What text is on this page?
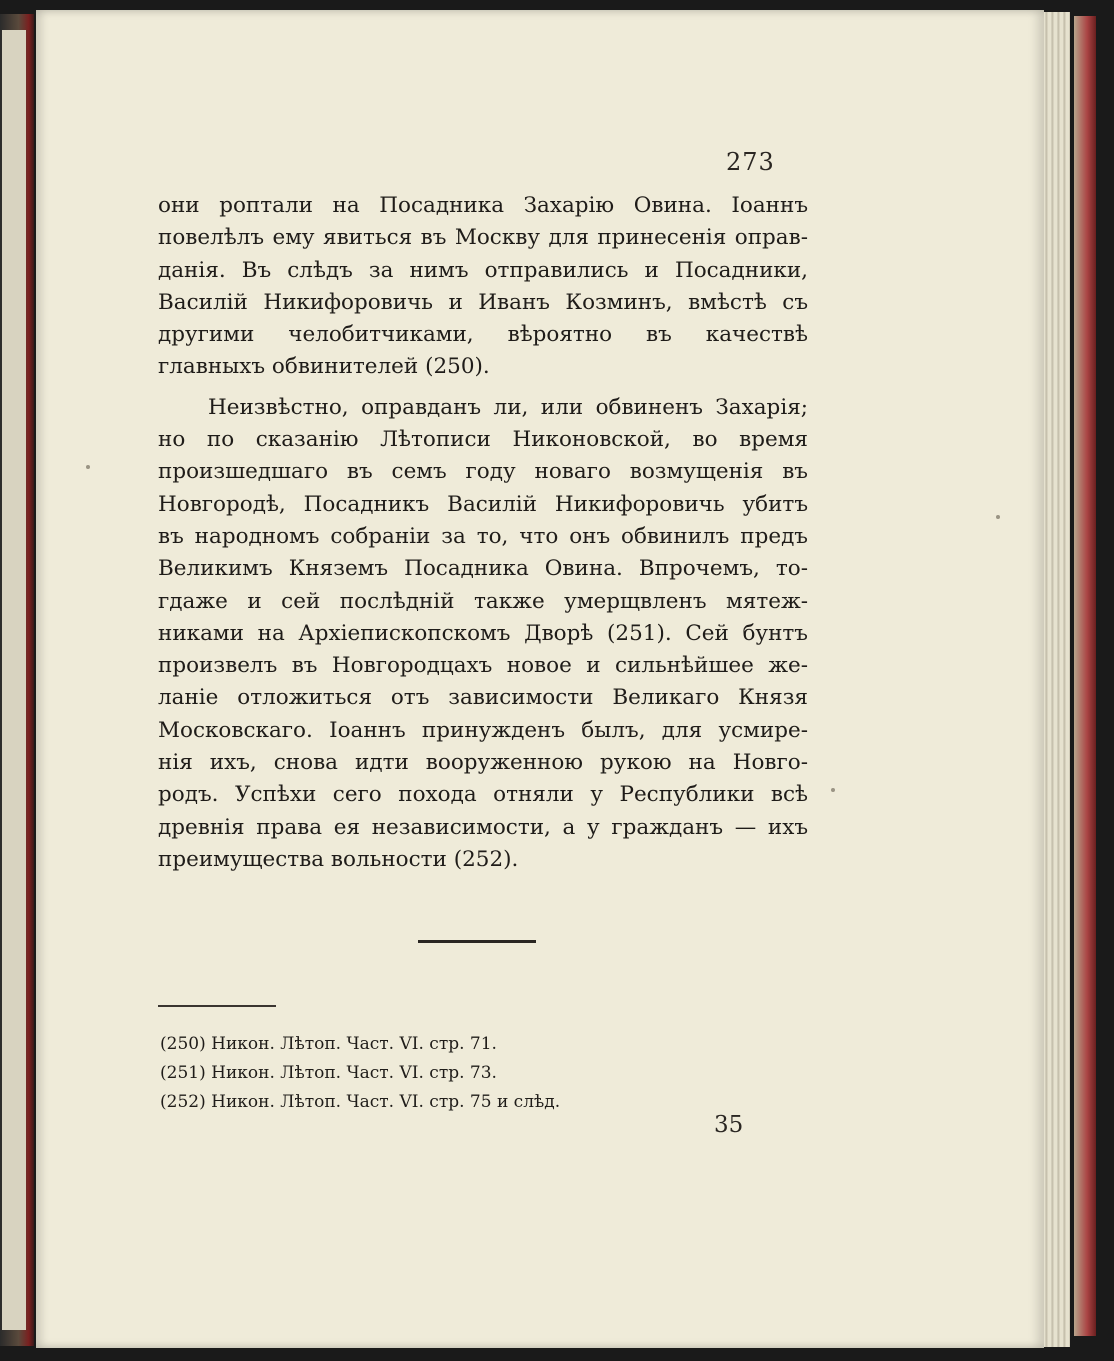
273
они роптали на Посадника Захарію Овина. Іоаннъ
повелѣлъ ему явиться въ Москву для принесенія оправ-
данія. Въ слѣдъ за нимъ отправились и Посадники,
Василій Никифоровичь и Иванъ Козминъ, вмѣстѣ съ
другими челобитчиками, вѣроятно въ качествѣ
главныхъ обвинителей (250).
Неизвѣстно, оправданъ ли, или обвиненъ Захарія;
но по сказанію Лѣтописи Никоновской, во время
произшедшаго въ семъ году новаго возмущенія въ
Новгородѣ, Посадникъ Василій Никифоровичь убитъ
въ народномъ собраніи за то, что онъ обвинилъ предъ
Великимъ Княземъ Посадника Овина. Впрочемъ, то-
гдаже и сей послѣдній также умерщвленъ мятеж-
никами на Архіепископскомъ Дворѣ (251). Сей бунтъ
произвелъ въ Новгородцахъ новое и сильнѣйшее же-
ланіе отложиться отъ зависимости Великаго Князя
Московскаго. Іоаннъ принужденъ былъ, для усмире-
нія ихъ, снова идти вооруженною рукою на Новго-
родъ. Успѣхи сего похода отняли у Республики всѣ
древнія права ея независимости, а у гражданъ — ихъ
преимущества вольности (252).
(250) Никон. Лѣтоп. Част. VI. стр. 71.
(251) Никон. Лѣтоп. Част. VI. стр. 73.
(252) Никон. Лѣтоп. Част. VI. стр. 75 и слѣд.
35
